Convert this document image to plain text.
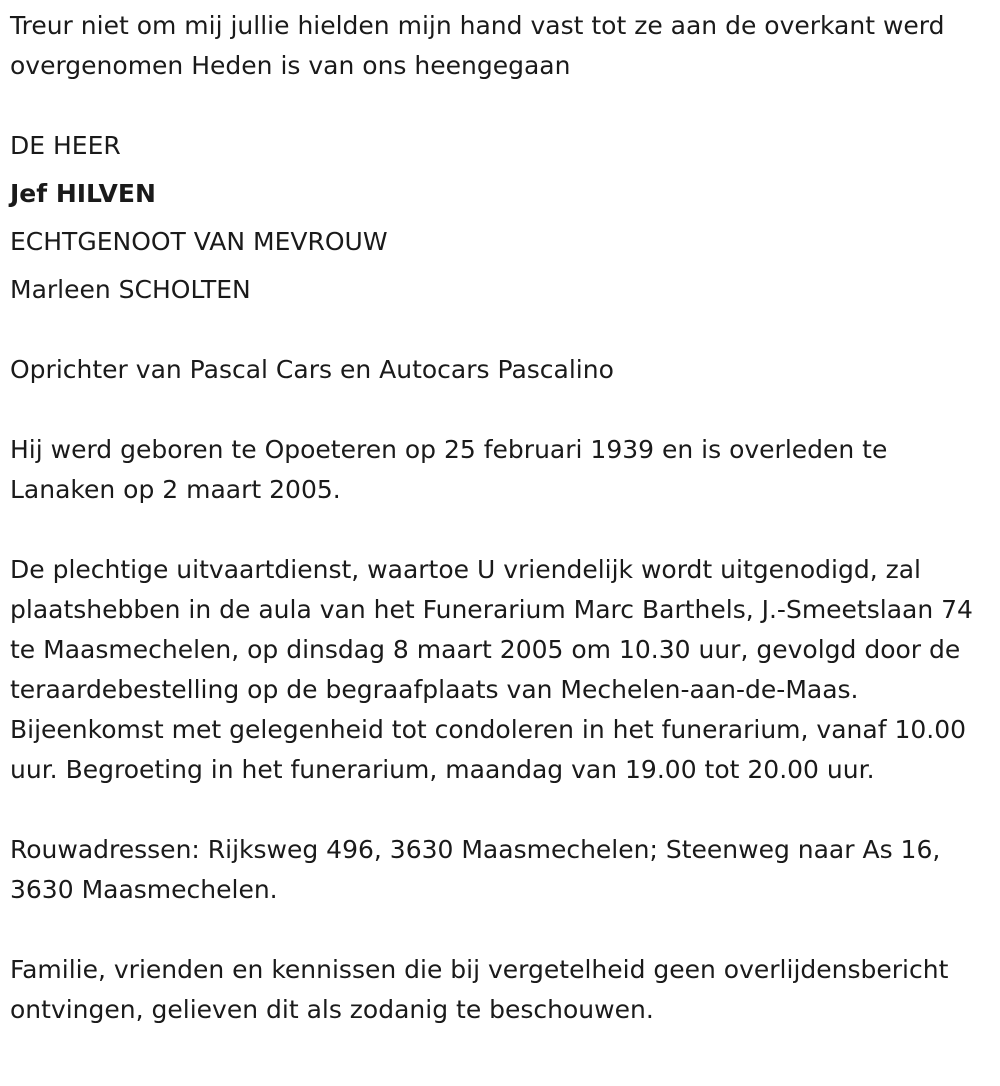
Treur niet om mij jullie hielden mijn hand vast tot ze aan de overkant werd overgenomen Heden is van ons heengegaan

DE HEER
Jef HILVEN
ECHTGENOOT VAN MEVROUW
Marleen SCHOLTEN

Oprichter van Pascal Cars en Autocars Pascalino

Hij werd geboren te Opoeteren op 25 februari 1939 en is overleden te Lanaken op 2 maart 2005.

De plechtige uitvaartdienst, waartoe U vriendelijk wordt uitgenodigd, zal plaatshebben in de aula van het Funerarium Marc Barthels, J.-Smeetslaan 74 te Maasmechelen, op dinsdag 8 maart 2005 om 10.30 uur, gevolgd door de teraardebestelling op de begraafplaats van Mechelen-aan-de-Maas. Bijeenkomst met gelegenheid tot condoleren in het funerarium, vanaf 10.00 uur. Begroeting in het funerarium, maandag van 19.00 tot 20.00 uur.

Rouwadressen: Rijksweg 496, 3630 Maasmechelen; Steenweg naar As 16, 3630 Maasmechelen.

Familie, vrienden en kennissen die bij vergetelheid geen overlijdensbericht ontvingen, gelieven dit als zodanig te beschouwen.
